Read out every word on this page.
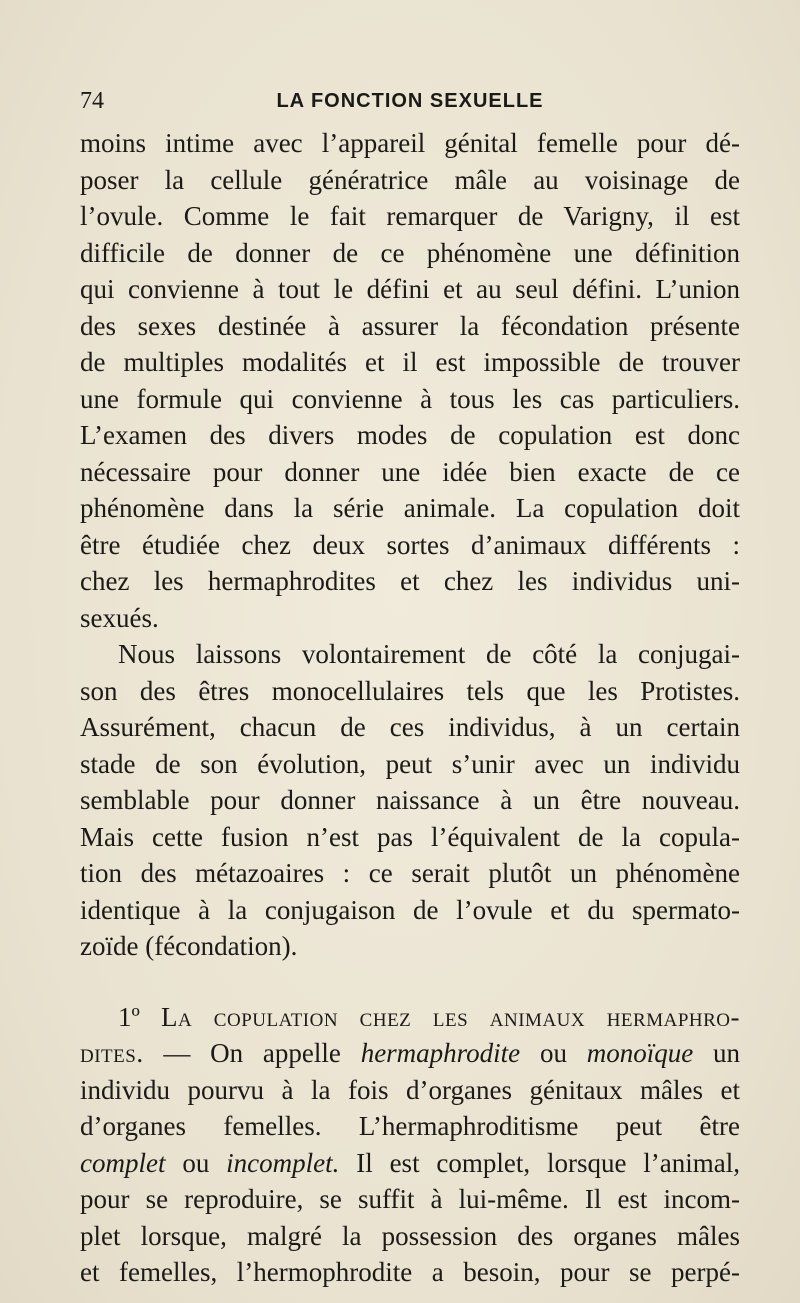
74	LA FONCTION SEXUELLE
moins intime avec l’appareil génital femelle pour dé-
poser la cellule génératrice mâle au voisinage de
l’ovule. Comme le fait remarquer de Varigny, il est
difficile de donner de ce phénomène une définition
qui convienne à tout le défini et au seul défini. L’union
des sexes destinée à assurer la fécondation présente
de multiples modalités et il est impossible de trouver
une formule qui convienne à tous les cas particuliers.
L’examen des divers modes de copulation est donc
nécessaire pour donner une idée bien exacte de ce
phénomène dans la série animale. La copulation doit
être étudiée chez deux sortes d’animaux différents :
chez les hermaphrodites et chez les individus uni-
sexués.
Nous laissons volontairement de côté la conjugai-
son des êtres monocellulaires tels que les Protistes.
Assurément, chacun de ces individus, à un certain
stade de son évolution, peut s’unir avec un individu
semblable pour donner naissance à un être nouveau.
Mais cette fusion n’est pas l’équivalent de la copula-
tion des métazoaires : ce serait plutôt un phénomène
identique à la conjugaison de l’ovule et du spermato-
zoïde (fécondation).
1º La copulation chez les animaux hermaphro-
dites. — On appelle hermaphrodite ou monoïque un
individu pourvu à la fois d’organes génitaux mâles et
d’organes femelles. L’hermaphroditisme peut être
complet ou incomplet. Il est complet, lorsque l’animal,
pour se reproduire, se suffit à lui-même. Il est incom-
plet lorsque, malgré la possession des organes mâles
et femelles, l’hermophrodite a besoin, pour se perpé-
